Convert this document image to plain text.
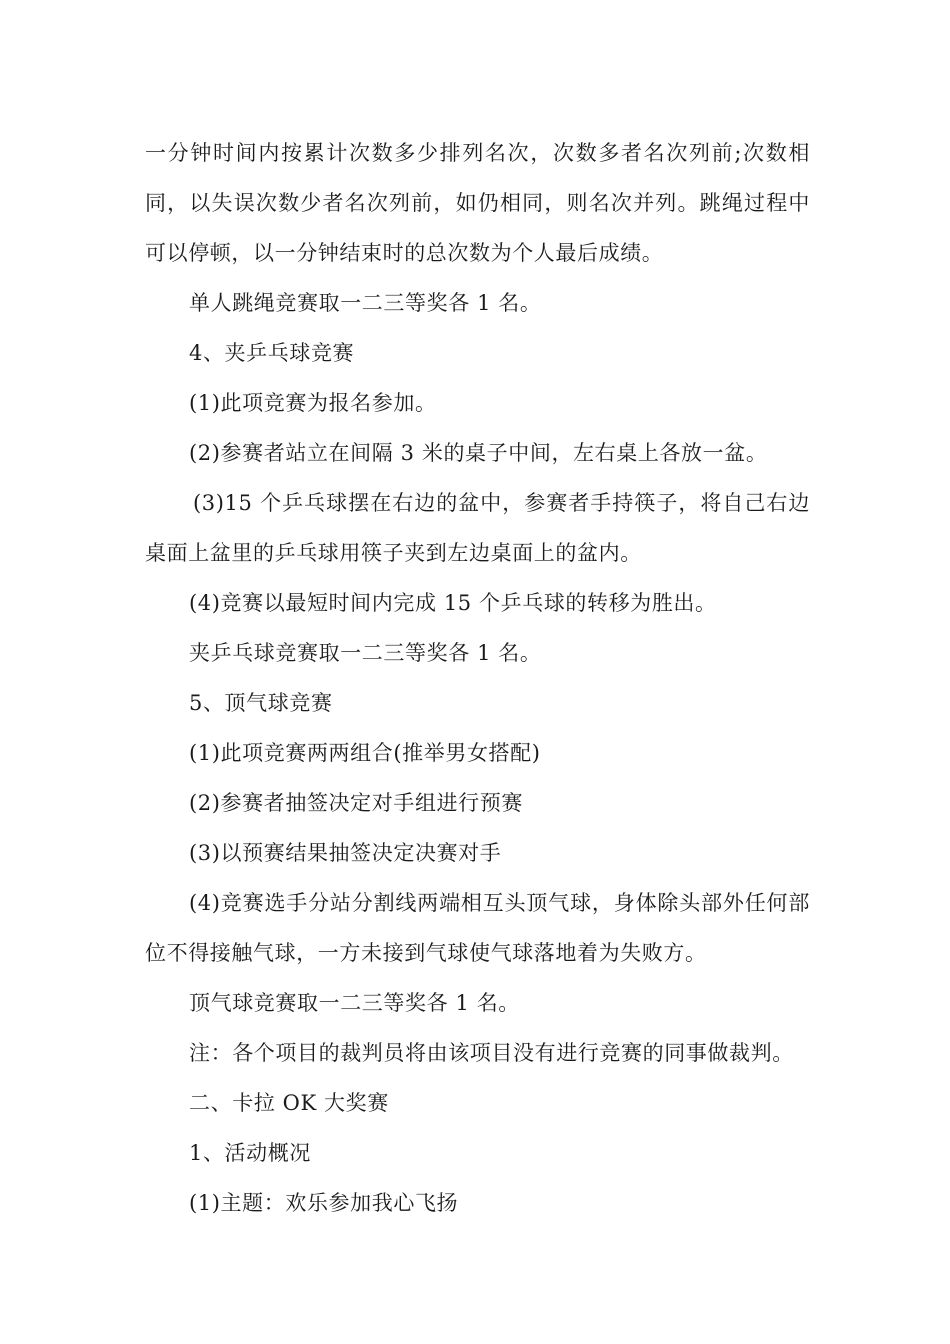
一分钟时间内按累计次数多少排列名次，次数多者名次列前;次数相同，以失误次数少者名次列前，如仍相同，则名次并列。跳绳过程中可以停顿，以一分钟结束时的总次数为个人最后成绩。

单人跳绳竞赛取一二三等奖各 1 名。

4、夹乒乓球竞赛

(1)此项竞赛为报名参加。

(2)参赛者站立在间隔 3 米的桌子中间，左右桌上各放一盆。

(3)15 个乒乓球摆在右边的盆中，参赛者手持筷子，将自己右边桌面上盆里的乒乓球用筷子夹到左边桌面上的盆内。

(4)竞赛以最短时间内完成 15 个乒乓球的转移为胜出。

夹乒乓球竞赛取一二三等奖各 1 名。

5、顶气球竞赛

(1)此项竞赛两两组合(推举男女搭配)

(2)参赛者抽签决定对手组进行预赛

(3)以预赛结果抽签决定决赛对手

(4)竞赛选手分站分割线两端相互头顶气球，身体除头部外任何部位不得接触气球，一方未接到气球使气球落地着为失败方。

顶气球竞赛取一二三等奖各 1 名。

注：各个项目的裁判员将由该项目没有进行竞赛的同事做裁判。

二、卡拉 OK 大奖赛

1、活动概况

(1)主题：欢乐参加我心飞扬
